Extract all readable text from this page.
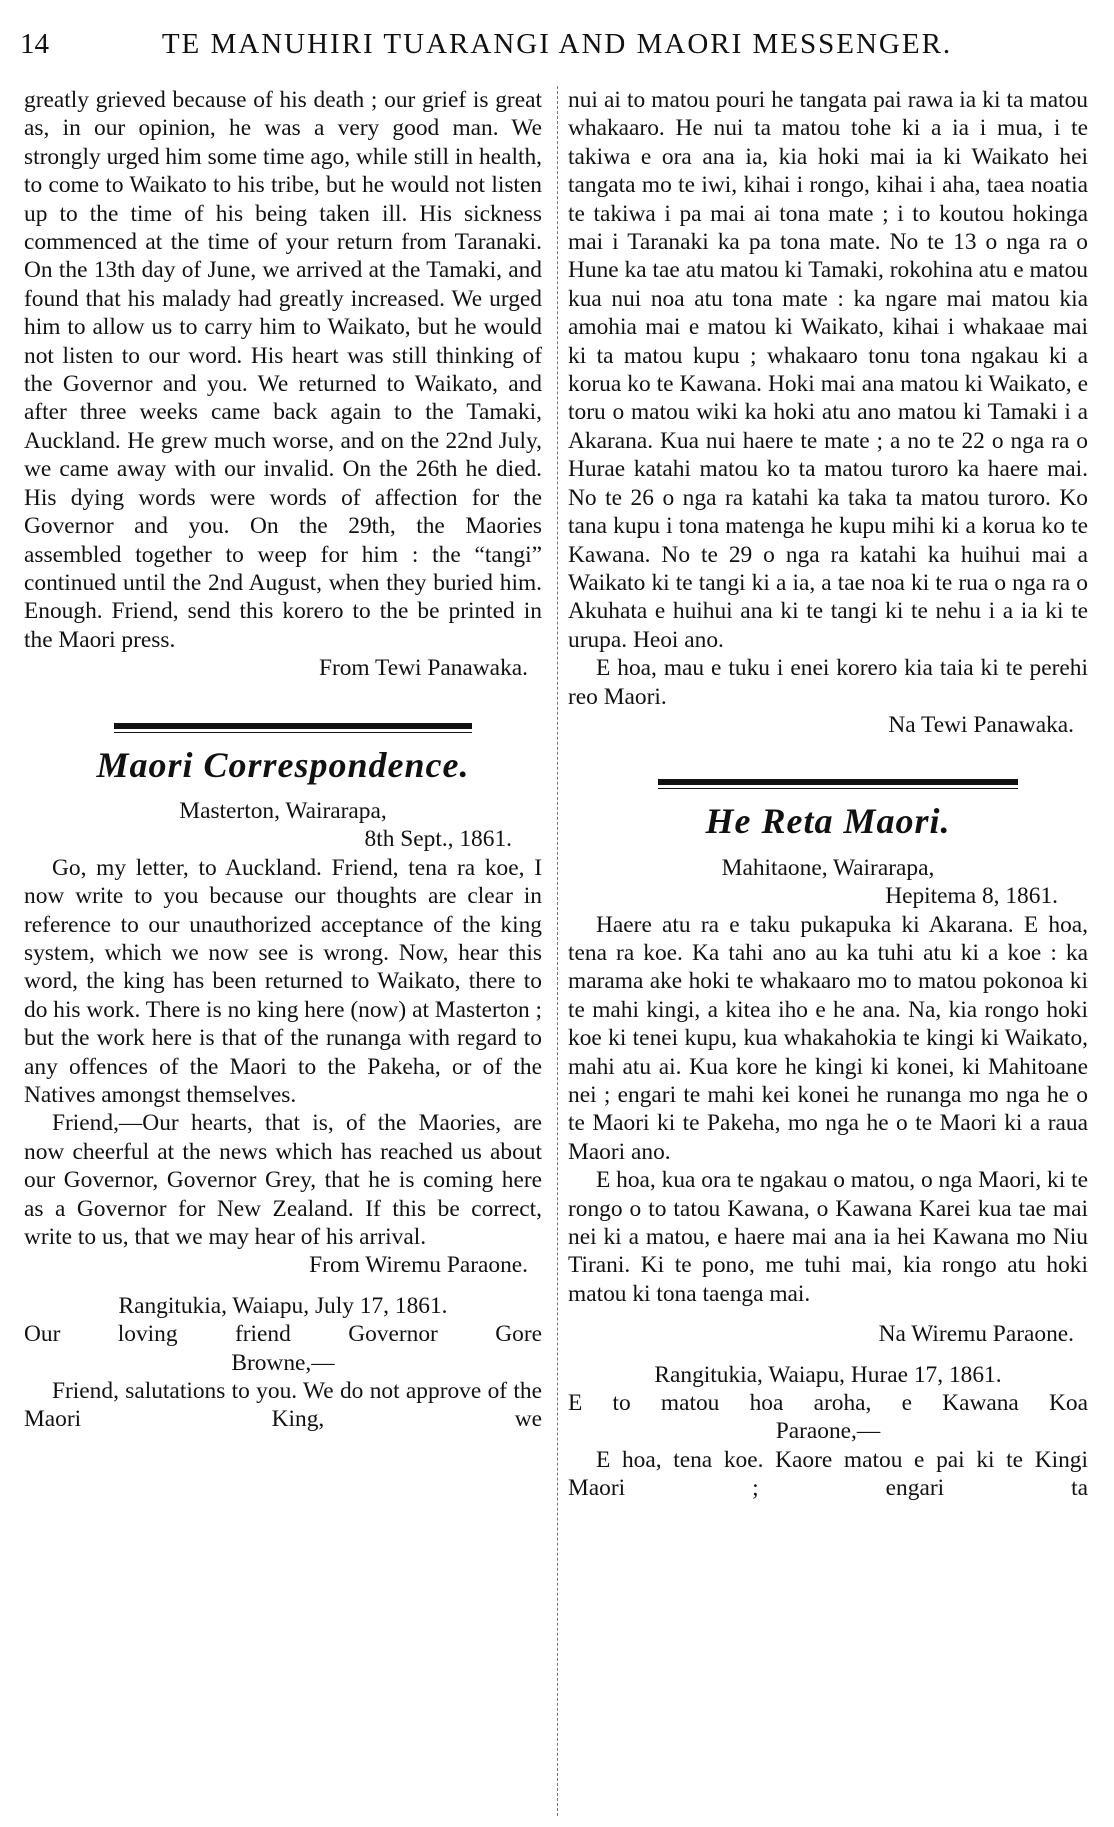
14	TE MANUHIRI TUARANGI AND MAORI MESSENGER.

greatly grieved because of his death ; our grief is great as, in our opinion, he was a very good man. We strongly urged him some time ago, while still in health, to come to Waikato to his tribe, but he would not listen up to the time of his being taken ill. His sickness commenced at the time of your return from Taranaki. On the 13th day of June, we arrived at the Tamaki, and found that his malady had greatly increased. We urged him to allow us to carry him to Waikato, but he would not listen to our word. His heart was still thinking of the Governor and you. We returned to Waikato, and after three weeks came back again to the Tamaki, Auckland. He grew much worse, and on the 22nd July, we came away with our invalid. On the 26th he died. His dying words were words of affection for the Governor and you. On the 29th, the Maories assembled together to weep for him : the “tangi” continued until the 2nd August, when they buried him. Enough. Friend, send this korero to the be printed in the Maori press.

From Tewi Panawaka.

Maori Correspondence.

Masterton, Wairarapa,

8th Sept., 1861.

Go, my letter, to Auckland. Friend, tena ra koe, I now write to you because our thoughts are clear in reference to our unauthorized acceptance of the king system, which we now see is wrong. Now, hear this word, the king has been returned to Waikato, there to do his work. There is no king here (now) at Masterton ; but the work here is that of the runanga with regard to any offences of the Maori to the Pakeha, or of the Natives amongst themselves.

Friend,—Our hearts, that is, of the Maories, are now cheerful at the news which has reached us about our Governor, Governor Grey, that he is coming here as a Governor for New Zealand. If this be correct, write to us, that we may hear of his arrival.

From Wiremu Paraone.

Rangitukia, Waiapu, July 17, 1861.

Our loving friend Governor Gore

Browne,—

Friend, salutations to you. We do not approve of the Maori King, we

nui ai to matou pouri he tangata pai rawa ia ki ta matou whakaaro. He nui ta matou tohe ki a ia i mua, i te takiwa e ora ana ia, kia hoki mai ia ki Waikato hei tangata mo te iwi, kihai i rongo, kihai i aha, taea noatia te takiwa i pa mai ai tona mate ; i to koutou hokinga mai i Taranaki ka pa tona mate. No te 13 o nga ra o Hune ka tae atu matou ki Tamaki, rokohina atu e matou kua nui noa atu tona mate : ka ngare mai matou kia amohia mai e matou ki Waikato, kihai i whakaae mai ki ta matou kupu ; whakaaro tonu tona ngakau ki a korua ko te Kawana. Hoki mai ana matou ki Waikato, e toru o matou wiki ka hoki atu ano matou ki Tamaki i a Akarana. Kua nui haere te mate ; a no te 22 o nga ra o Hurae katahi matou ko ta matou turoro ka haere mai. No te 26 o nga ra katahi ka taka ta matou turoro. Ko tana kupu i tona matenga he kupu mihi ki a korua ko te Kawana. No te 29 o nga ra katahi ka huihui mai a Waikato ki te tangi ki a ia, a tae noa ki te rua o nga ra o Akuhata e huihui ana ki te tangi ki te nehu i a ia ki te urupa. Heoi ano.

E hoa, mau e tuku i enei korero kia taia ki te perehi reo Maori.

Na Tewi Panawaka.

He Reta Maori.

Mahitaone, Wairarapa,

Hepitema 8, 1861.

Haere atu ra e taku pukapuka ki Akarana. E hoa, tena ra koe. Ka tahi ano au ka tuhi atu ki a koe : ka marama ake hoki te whakaaro mo to matou pokonoa ki te mahi kingi, a kitea iho e he ana. Na, kia rongo hoki koe ki tenei kupu, kua whakahokia te kingi ki Waikato, mahi atu ai. Kua kore he kingi ki konei, ki Mahitoane nei ; engari te mahi kei konei he runanga mo nga he o te Maori ki te Pakeha, mo nga he o te Maori ki a raua Maori ano.

E hoa, kua ora te ngakau o matou, o nga Maori, ki te rongo o to tatou Kawana, o Kawana Karei kua tae mai nei ki a matou, e haere mai ana ia hei Kawana mo Niu Tirani. Ki te pono, me tuhi mai, kia rongo atu hoki matou ki tona taenga mai.

Na Wiremu Paraone.

Rangitukia, Waiapu, Hurae 17, 1861.

E to matou hoa aroha, e Kawana Koa

Paraone,—

E hoa, tena koe. Kaore matou e pai ki te Kingi Maori ; engari ta
